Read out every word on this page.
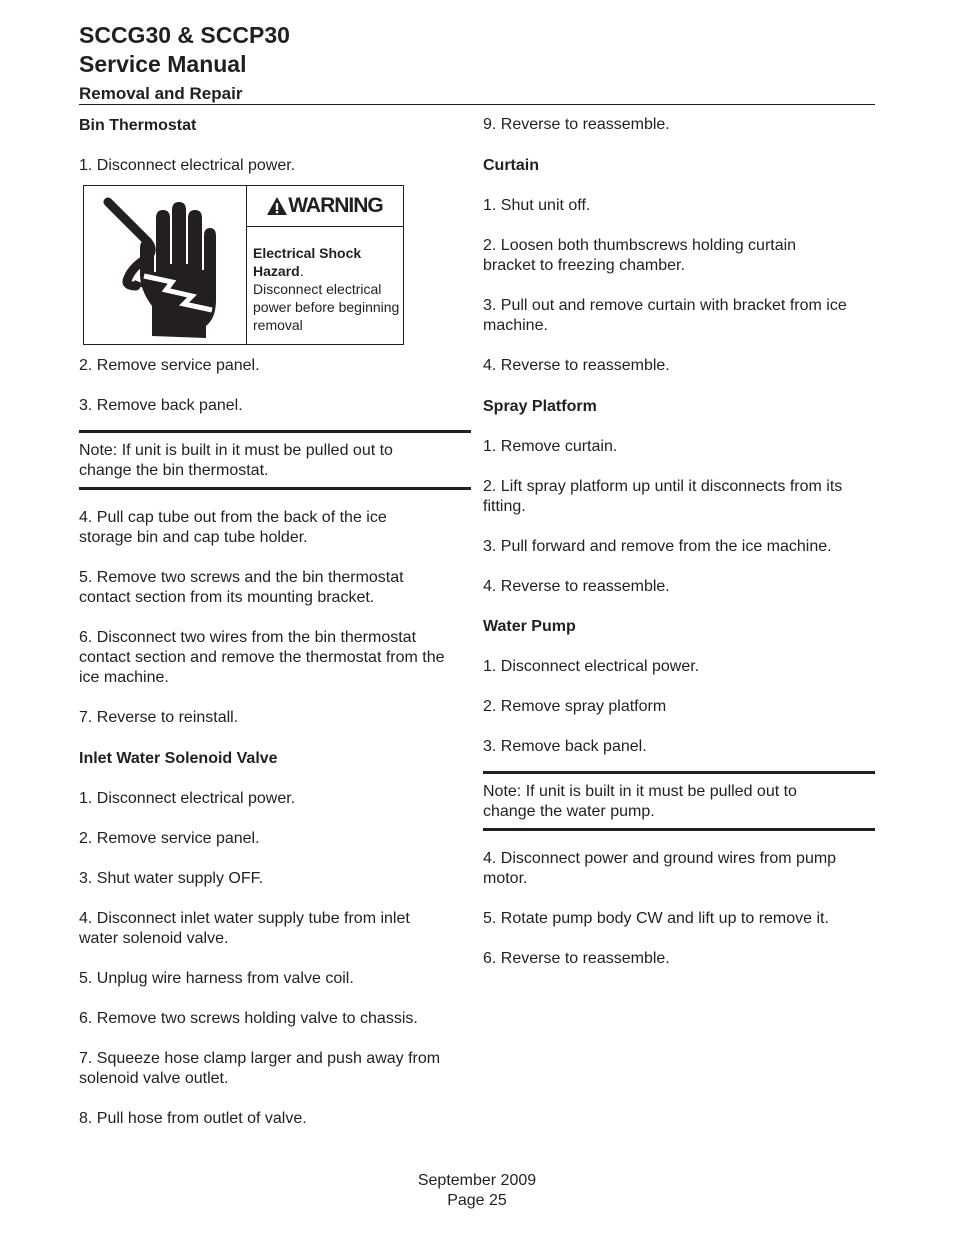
SCCG30 & SCCP30
Service Manual
Removal and Repair
Bin Thermostat
1. Disconnect electrical power.
WARNING
Electrical Shock Hazard.
Disconnect electrical power before beginning removal
2. Remove service panel.
3. Remove back panel.
Note: If unit is built in it must be pulled out to change the bin thermostat.
4. Pull cap tube out from the back of the ice storage bin and cap tube holder.
5. Remove two screws and the bin thermostat contact section from its mounting bracket.
6. Disconnect two wires from the bin thermostat contact section and remove the thermostat from the ice machine.
7. Reverse to reinstall.
Inlet Water Solenoid Valve
1. Disconnect electrical power.
2. Remove service panel.
3. Shut water supply OFF.
4. Disconnect inlet water supply tube from inlet water solenoid valve.
5. Unplug wire harness from valve coil.
6. Remove two screws holding valve to chassis.
7. Squeeze hose clamp larger and push away from solenoid valve outlet.
8. Pull hose from outlet of valve.
9. Reverse to reassemble.
Curtain
1. Shut unit off.
2. Loosen both thumbscrews holding curtain bracket to freezing chamber.
3. Pull out and remove curtain with bracket from ice machine.
4. Reverse to reassemble.
Spray Platform
1. Remove curtain.
2. Lift spray platform up until it disconnects from its fitting.
3. Pull forward and remove from the ice machine.
4. Reverse to reassemble.
Water Pump
1. Disconnect electrical power.
2. Remove spray platform
3. Remove back panel.
Note: If unit is built in it must be pulled out to change the water pump.
4. Disconnect power and ground wires from pump motor.
5. Rotate pump body CW and lift up to remove it.
6. Reverse to reassemble.
September 2009
Page 25
